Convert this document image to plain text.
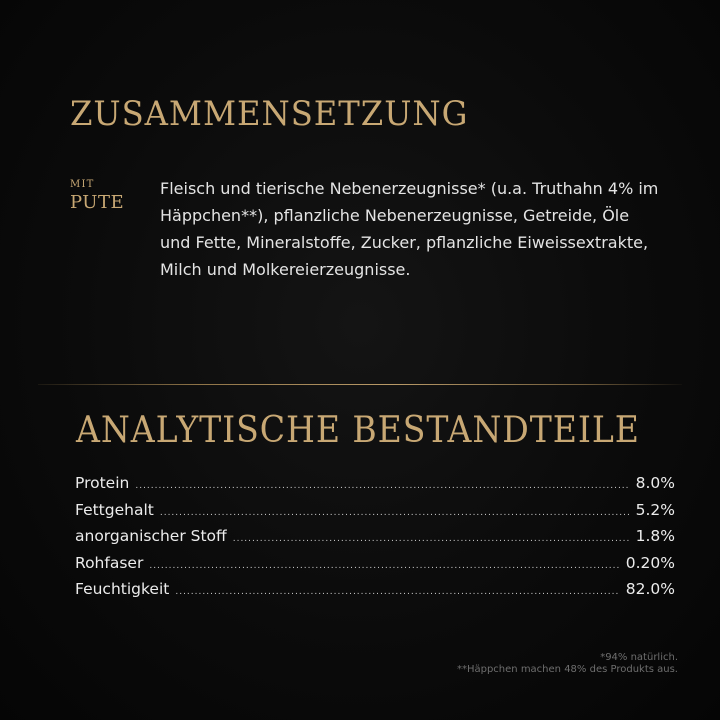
ZUSAMMENSETZUNG
MIT
PUTE

Fleisch und tierische Nebenerzeugnisse* (u.a. Truthahn 4% im Häppchen**), pflanzliche Nebenerzeugnisse, Getreide, Öle und Fette, Mineralstoffe, Zucker, pflanzliche Eiweissextrakte, Milch und Molkereierzeugnisse.

ANALYTISCHE BESTANDTEILE
Protein .....	8.0%
Fettgehalt .....	5.2%
anorganischer Stoff .....	1.8%
Rohfaser .....	0.20%
Feuchtigkeit .....	82.0%
*94% natürlich.
**Häppchen machen 48% des Produkts aus.
